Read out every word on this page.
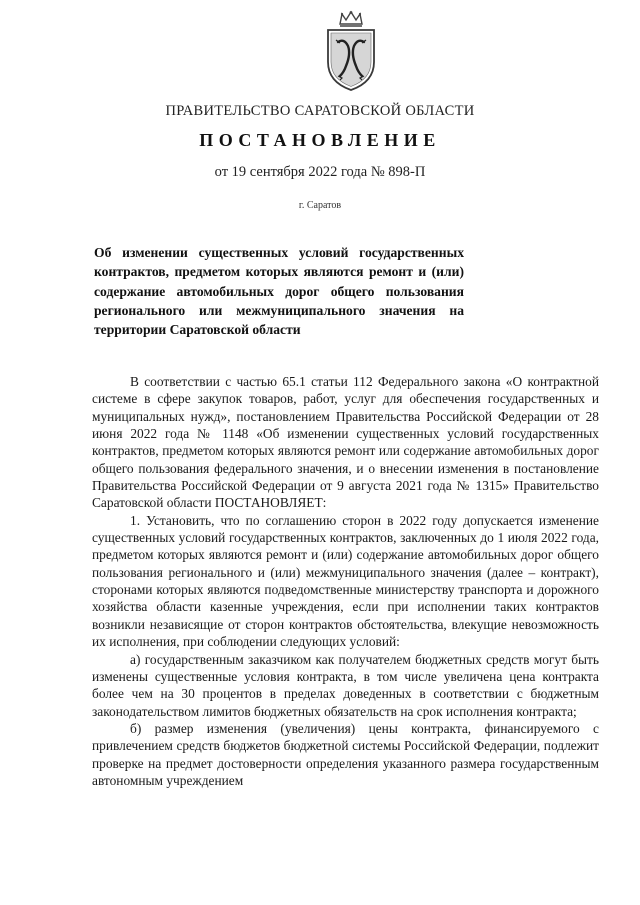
ПРАВИТЕЛЬСТВО САРАТОВСКОЙ ОБЛАСТИ
ПОСТАНОВЛЕНИЕ
от 19 сентября 2022 года № 898-П
г. Саратов
Об изменении существенных условий государственных контрактов, предметом которых являются ремонт и (или) содержание автомобильных дорог общего пользования регионального или межмуниципального значения на территории Саратовской области

В соответствии с частью 65.1 статьи 112 Федерального закона «О контрактной системе в сфере закупок товаров, работ, услуг для обеспечения государственных и муниципальных нужд», постановлением Правительства Российской Федерации от 28 июня 2022 года № 1148 «Об изменении существенных условий государственных контрактов, предметом которых являются ремонт или содержание автомобильных дорог общего пользования федерального значения, и о внесении изменения в постановление Правительства Российской Федерации от 9 августа 2021 года № 1315» Правительство Саратовской области ПОСТАНОВЛЯЕТ:

1. Установить, что по соглашению сторон в 2022 году допускается изменение существенных условий государственных контрактов, заключенных до 1 июля 2022 года, предметом которых являются ремонт и (или) содержание автомобильных дорог общего пользования регионального и (или) межмуниципального значения (далее – контракт), сторонами которых являются подведомственные министерству транспорта и дорожного хозяйства области казенные учреждения, если при исполнении таких контрактов возникли независящие от сторон контрактов обстоятельства, влекущие невозможность их исполнения, при соблюдении следующих условий:

а) государственным заказчиком как получателем бюджетных средств могут быть изменены существенные условия контракта, в том числе увеличена цена контракта более чем на 30 процентов в пределах доведенных в соответствии с бюджетным законодательством лимитов бюджетных обязательств на срок исполнения контракта;

б) размер изменения (увеличения) цены контракта, финансируемого с привлечением средств бюджетов бюджетной системы Российской Федерации, подлежит проверке на предмет достоверности определения указанного размера государственным автономным учреждением
